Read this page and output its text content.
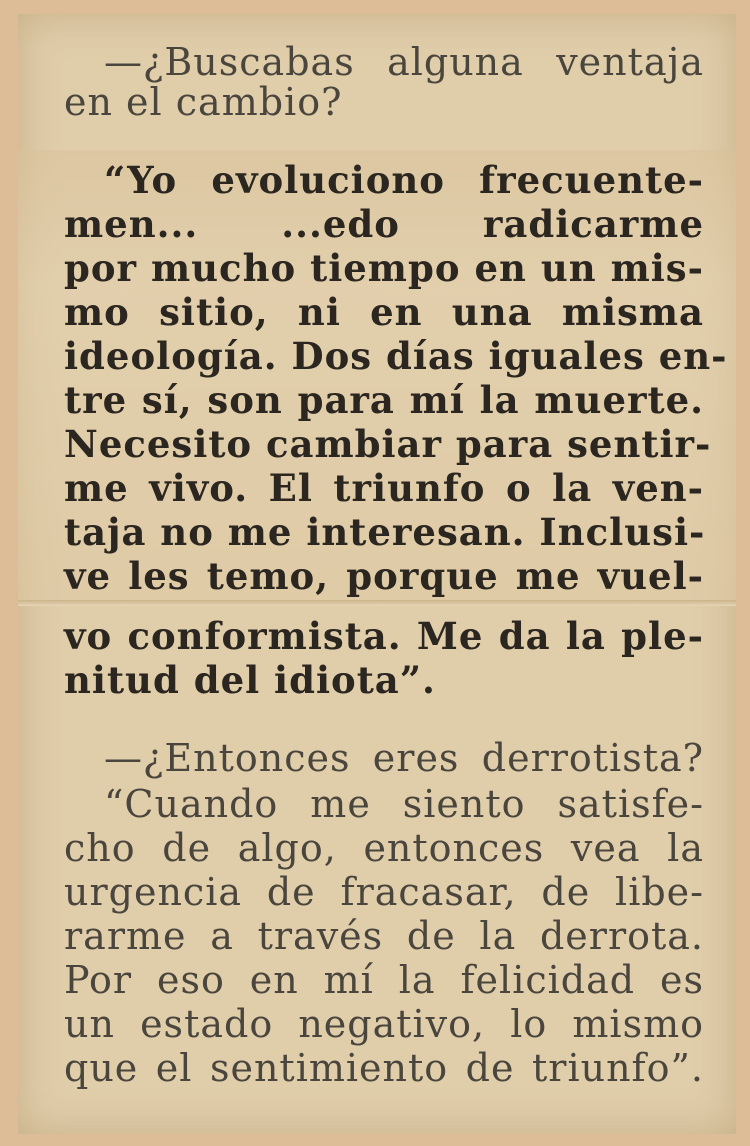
—¿Buscabas alguna ventaja
en el cambio?
“Yo evoluciono frecuente-
men... ...edo radicarme
por mucho tiempo en un mis-
mo sitio, ni en una misma
ideología. Dos días iguales en-
tre sí, son para mí la muerte.
Necesito cambiar para sentir-
me vivo. El triunfo o la ven-
taja no me interesan. Inclusi-
ve les temo, porque me vuel-
vo conformista. Me da la ple-
nitud del idiota”.
—¿Entonces eres derrotista?
“Cuando me siento satisfe-
cho de algo, entonces vea la
urgencia de fracasar, de libe-
rarme a través de la derrota.
Por eso en mí la felicidad es
un estado negativo, lo mismo
que el sentimiento de triunfo”.
